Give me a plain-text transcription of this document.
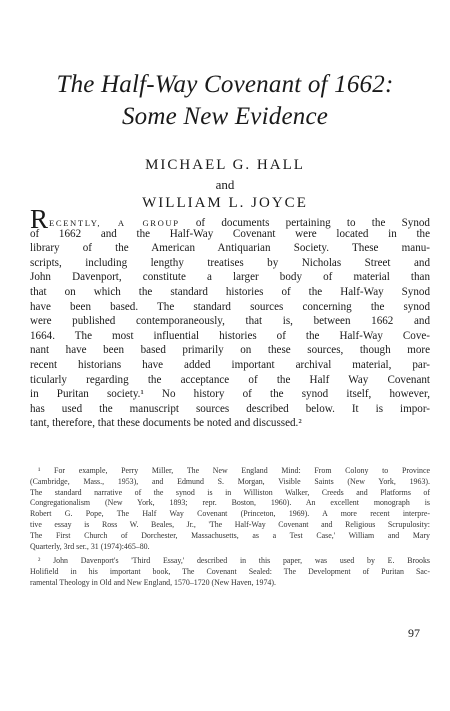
The Half-Way Covenant of 1662:
Some New Evidence
MICHAEL G. HALL
and
WILLIAM L. JOYCE
RECENTLY, A GROUP of documents pertaining to the Synod
of 1662 and the Half-Way Covenant were located in the
library of the American Antiquarian Society. These manu-
scripts, including lengthy treatises by Nicholas Street and
John Davenport, constitute a larger body of material than
that on which the standard histories of the Half-Way Synod
have been based. The standard sources concerning the synod
were published contemporaneously, that is, between 1662 and
1664. The most influential histories of the Half-Way Cove-
nant have been based primarily on these sources, though more
recent historians have added important archival material, par-
ticularly regarding the acceptance of the Half Way Covenant
in Puritan society.¹ No history of the synod itself, however,
has used the manuscript sources described below. It is impor-
tant, therefore, that these documents be noted and discussed.²
¹ For example, Perry Miller, The New England Mind: From Colony to Province
(Cambridge, Mass., 1953), and Edmund S. Morgan, Visible Saints (New York, 1963).
The standard narrative of the synod is in Williston Walker, Creeds and Platforms of
Congregationalism (New York, 1893; repr. Boston, 1960). An excellent monograph is
Robert G. Pope, The Half Way Covenant (Princeton, 1969). A more recent interpre-
tive essay is Ross W. Beales, Jr., 'The Half-Way Covenant and Religious Scrupulosity:
The First Church of Dorchester, Massachusetts, as a Test Case,' William and Mary
Quarterly, 3rd ser., 31 (1974):465–80.
² John Davenport's 'Third Essay,' described in this paper, was used by E. Brooks
Holifield in his important book, The Covenant Sealed: The Development of Puritan Sac-
ramental Theology in Old and New England, 1570–1720 (New Haven, 1974).
97
